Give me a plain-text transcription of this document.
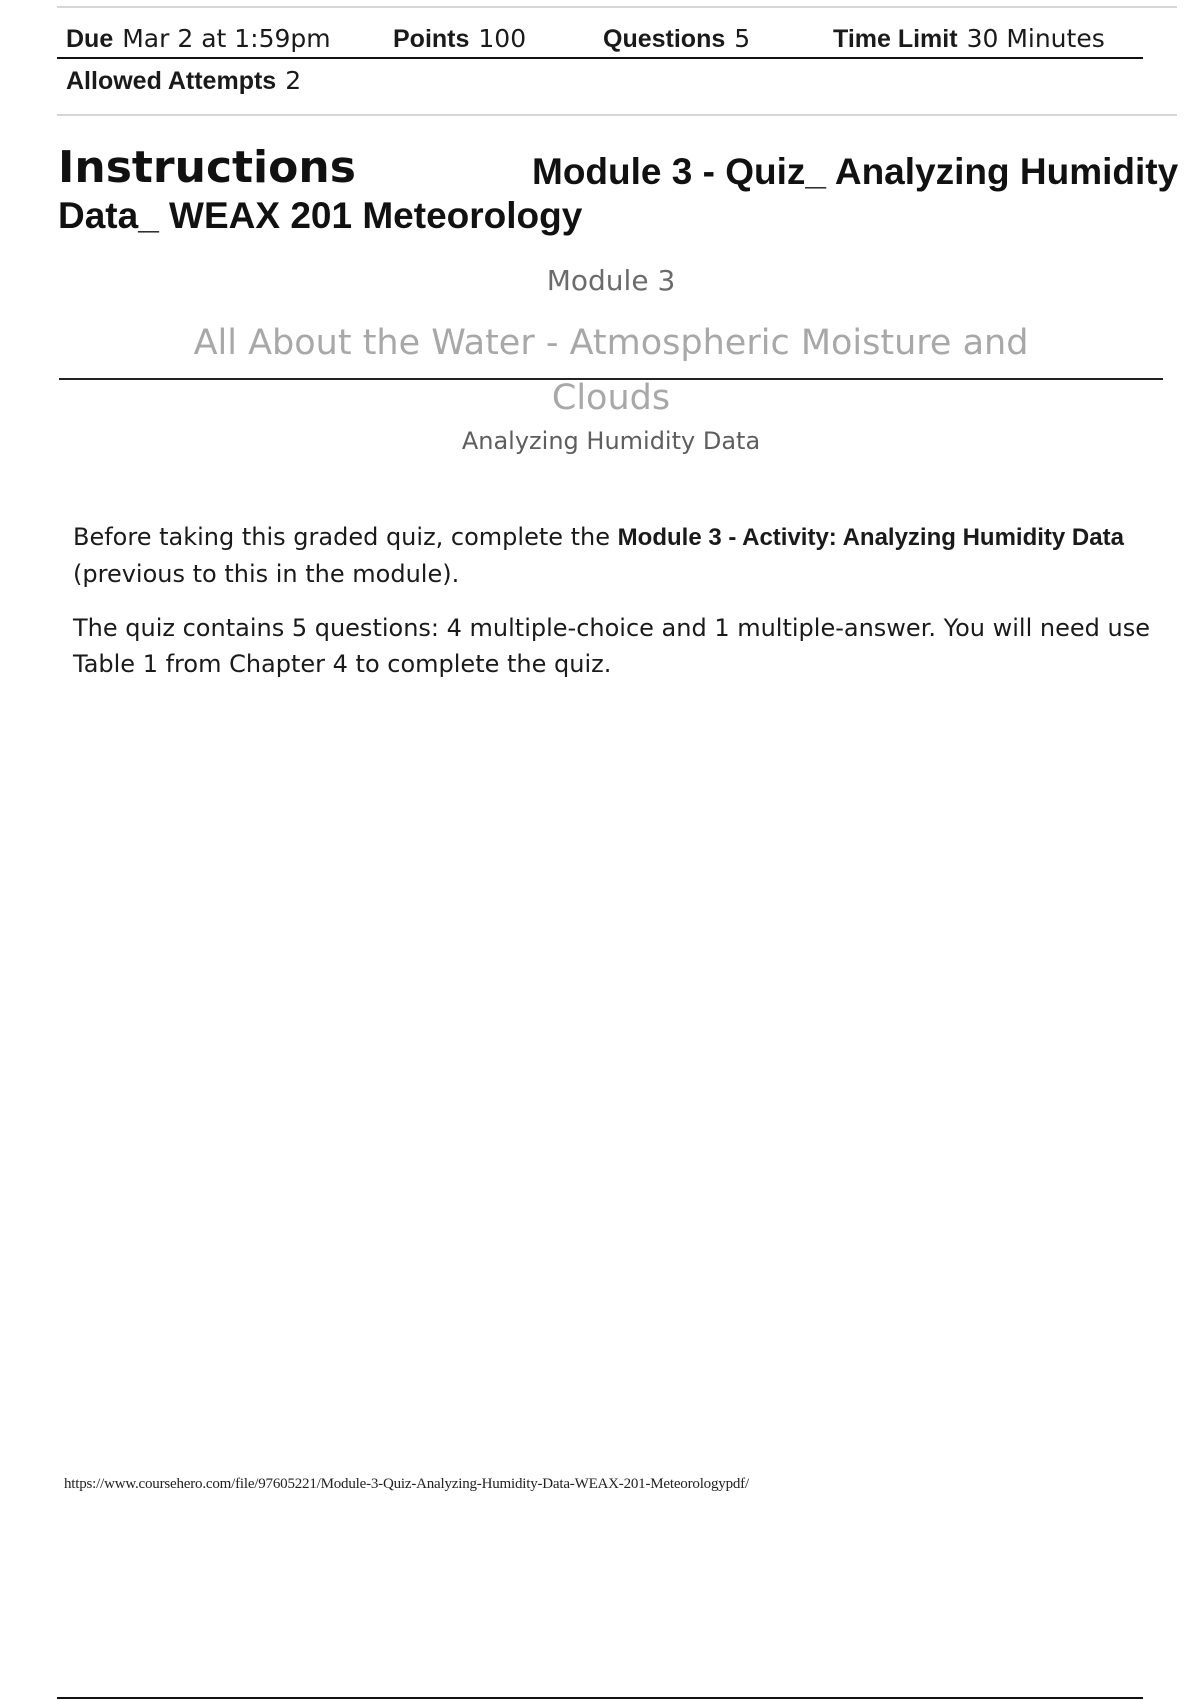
Due Mar 2 at 1:59pm Points 100	Questions 5	Time Limit 30 Minutes
Allowed Attempts 2
Instructions	Module 3 - Quiz_ Analyzing Humidity
Data_ WEAX 201 Meteorology
Module 3
All About the Water - Atmospheric Moisture and
Clouds
Analyzing Humidity Data

Before taking this graded quiz, complete the Module 3 - Activity: Analyzing Humidity Data (previous to this in the module).

The quiz contains 5 questions: 4 multiple-choice and 1 multiple-answer. You will need use Table 1 from Chapter 4 to complete the quiz.

https://www.coursehero.com/file/97605221/Module-3-Quiz-Analyzing-Humidity-Data-WEAX-201-Meteorologypdf/
